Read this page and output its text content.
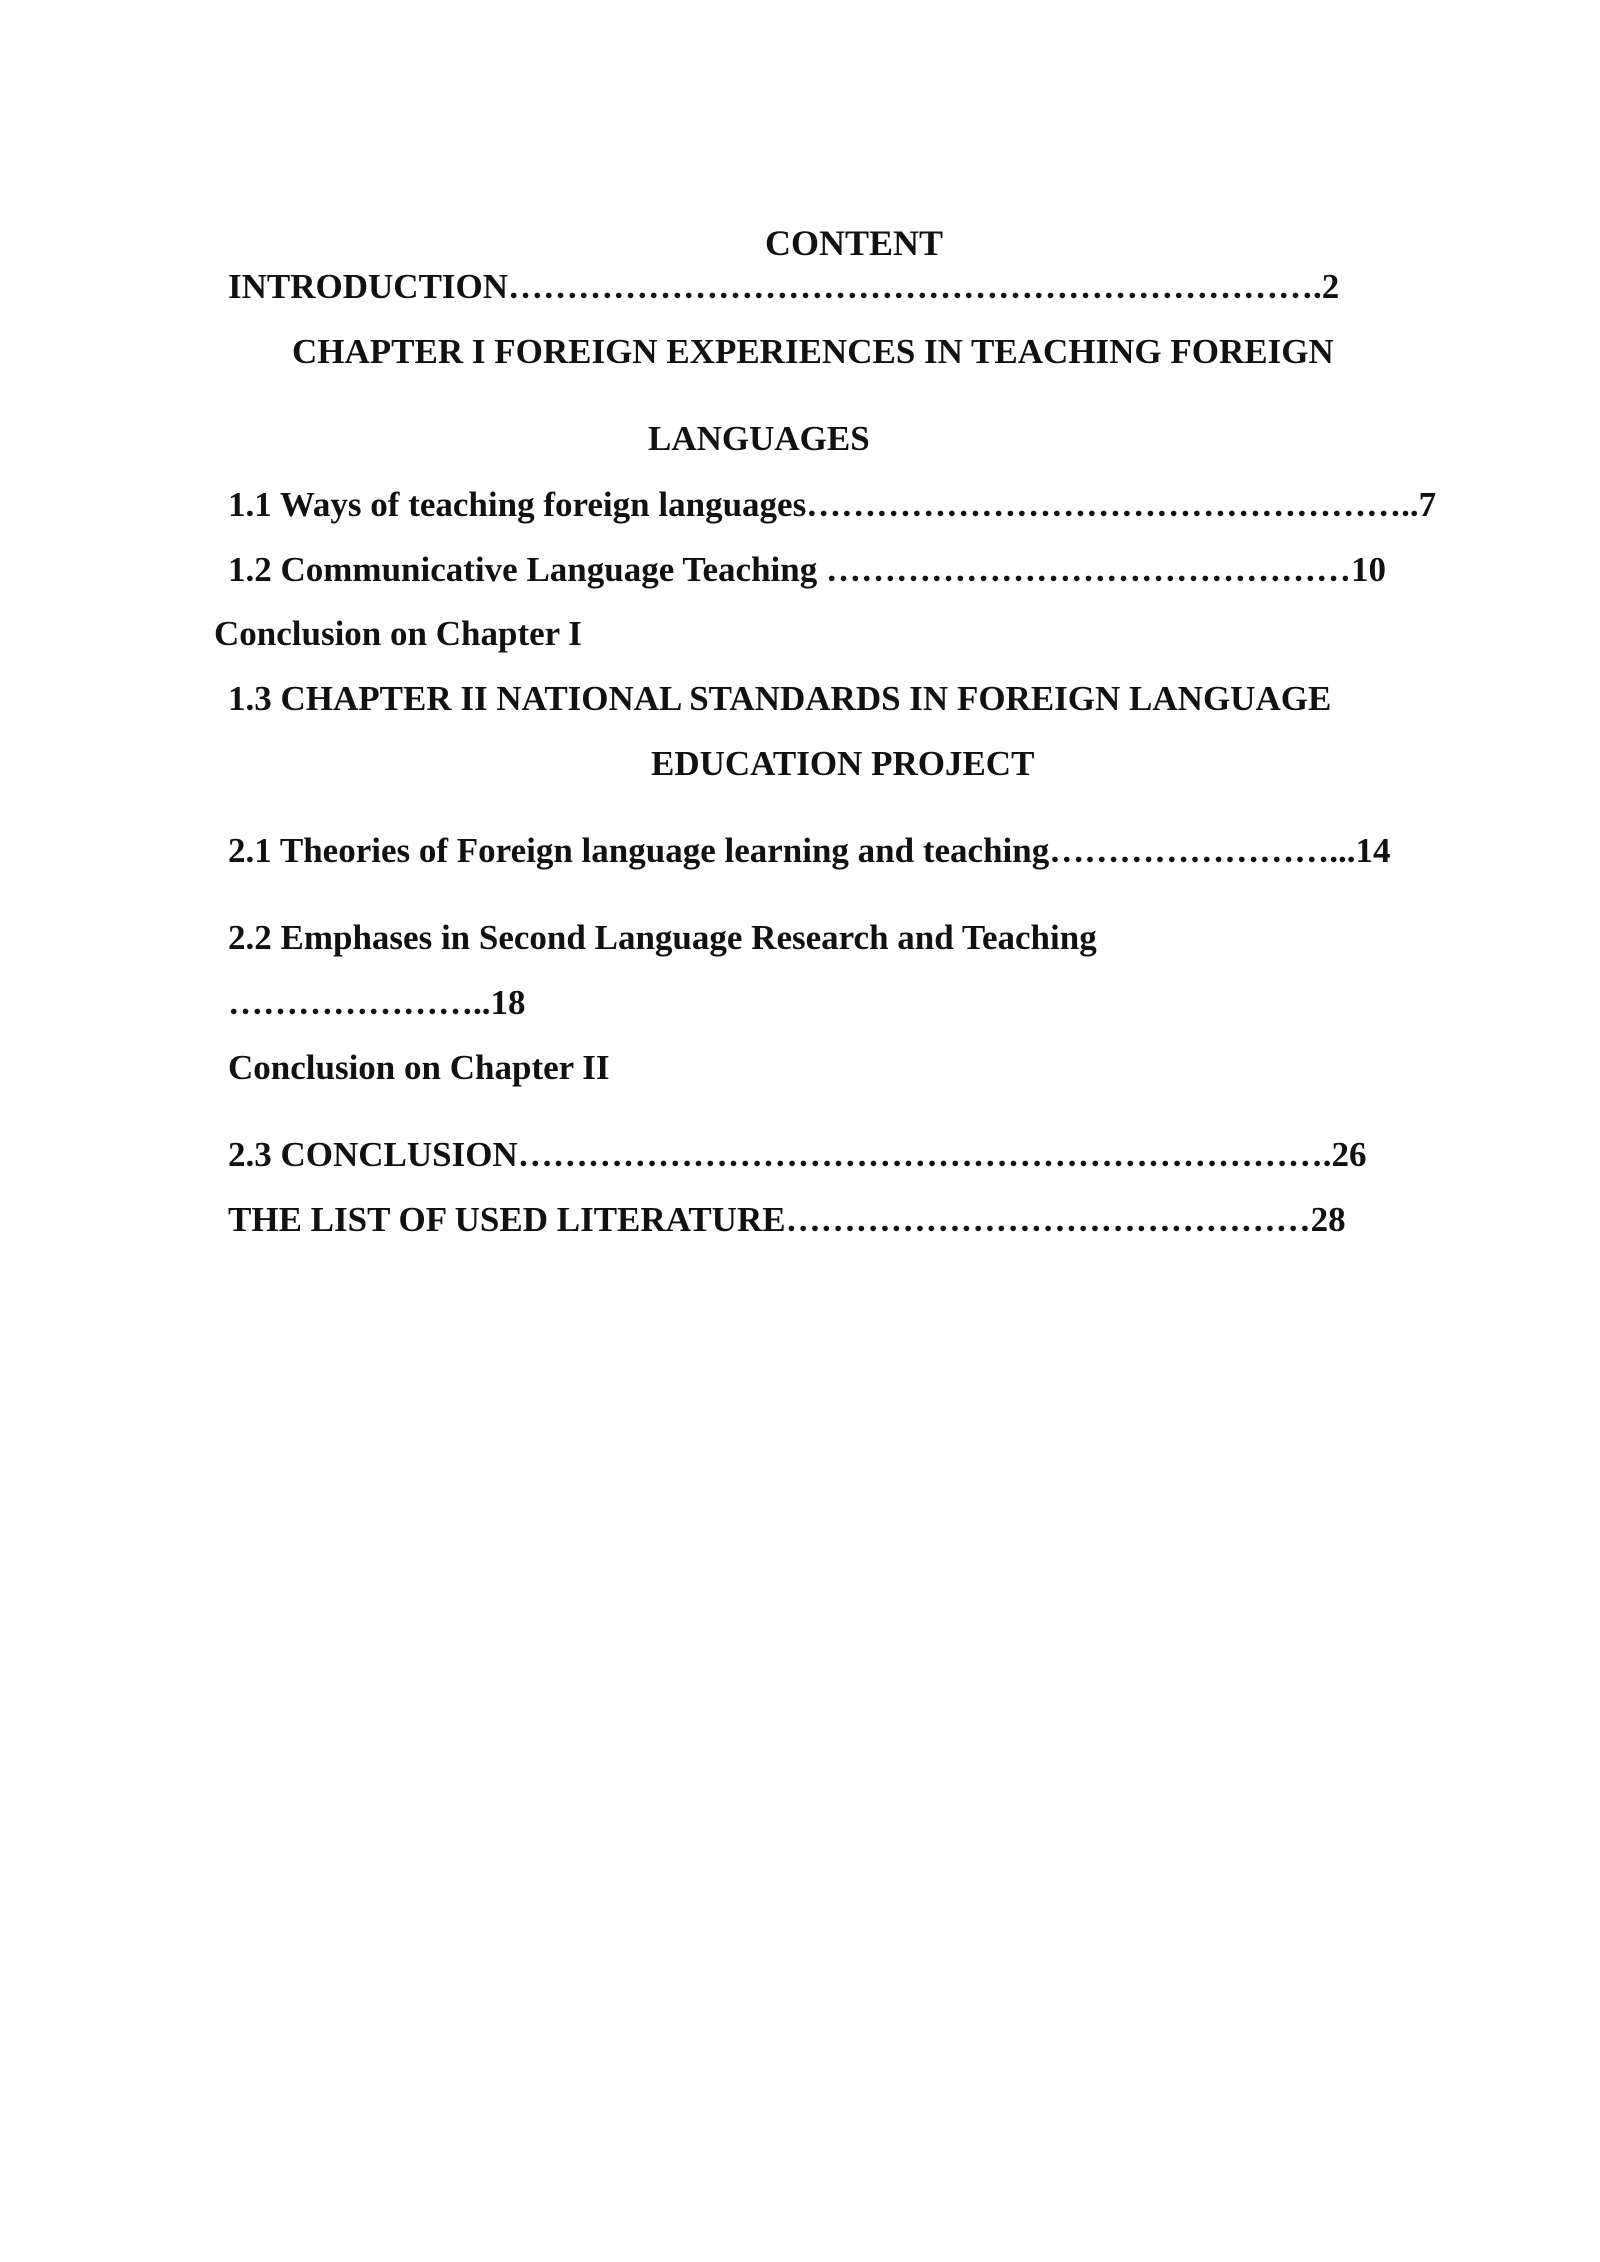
CONTENT
INTRODUCTION…………………………………………………………….2
CHAPTER I FOREIGN EXPERIENCES IN TEACHING FOREIGN
LANGUAGES
1.1 Ways of teaching foreign languages……………………………………………..7
1.2 Communicative Language Teaching ………………………………………10
Conclusion on Chapter I
1.3 CHAPTER II NATIONAL STANDARDS IN FOREIGN LANGUAGE
EDUCATION PROJECT
2.1 Theories of Foreign language learning and teaching……………………...14
2.2 Emphases in Second Language Research and Teaching
…………………..18
Conclusion on Chapter II
2.3 CONCLUSION…………………………………………………………….26
THE LIST OF USED LITERATURE………………………………………28
